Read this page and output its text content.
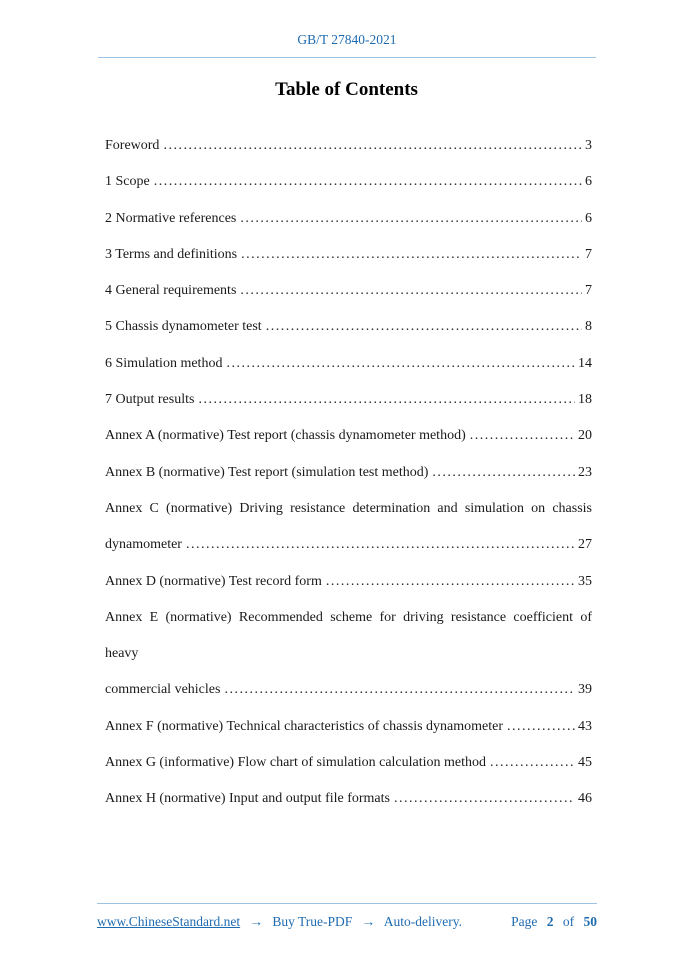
GB/T 27840-2021
Table of Contents
Foreword .....	3
1 Scope .....	6
2 Normative references .....	6
3 Terms and definitions .....	7
4 General requirements .....	7
5 Chassis dynamometer test .....	8
6 Simulation method .....	14
7 Output results .....	18
Annex A (normative) Test report (chassis dynamometer method) .....	20
Annex B (normative) Test report (simulation test method) .....	23
Annex C (normative) Driving resistance determination and simulation on chassis
dynamometer .....	27
Annex D (normative) Test record form .....	35
Annex E (normative) Recommended scheme for driving resistance coefficient of heavy
commercial vehicles .....	39
Annex F (normative) Technical characteristics of chassis dynamometer .....	43
Annex G (informative) Flow chart of simulation calculation method .....	45
Annex H (normative) Input and output file formats .....	46
www.ChineseStandard.net → Buy True-PDF → Auto-delivery.	Page 2 of 50
